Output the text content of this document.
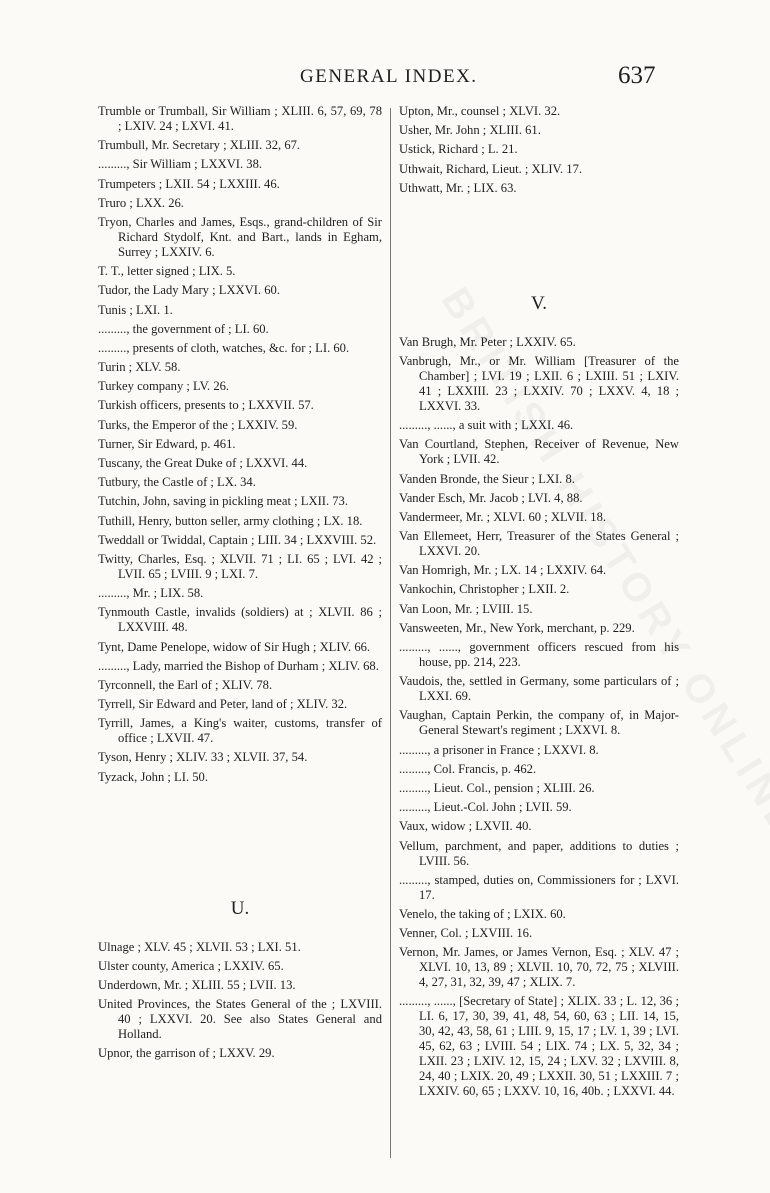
GENERAL INDEX.	637
Trumble or Trumball, Sir William ; XLIII. 6, 57, 69, 78 ; LXIV. 24 ; LXVI. 41.
Trumbull, Mr. Secretary ; XLIII. 32, 67.
........., Sir William ; LXXVI. 38.
Trumpeters ; LXII. 54 ; LXXIII. 46.
Truro ; LXX. 26.
Tryon, Charles and James, Esqs., grand-children of Sir Richard Stydolf, Knt. and Bart., lands in Egham, Surrey ; LXXIV. 6.
T. T., letter signed ; LIX. 5.
Tudor, the Lady Mary ; LXXVI. 60.
Tunis ; LXI. 1.
........., the government of ; LI. 60.
........., presents of cloth, watches, &c. for ; LI. 60.
Turin ; XLV. 58.
Turkey company ; LV. 26.
Turkish officers, presents to ; LXXVII. 57.
Turks, the Emperor of the ; LXXIV. 59.
Turner, Sir Edward, p. 461.
Tuscany, the Great Duke of ; LXXVI. 44.
Tutbury, the Castle of ; LX. 34.
Tutchin, John, saving in pickling meat ; LXII. 73.
Tuthill, Henry, button seller, army clothing ; LX. 18.
Tweddall or Twiddal, Captain ; LIII. 34 ; LXXVIII. 52.
Twitty, Charles, Esq. ; XLVII. 71 ; LI. 65 ; LVI. 42 ; LVII. 65 ; LVIII. 9 ; LXI. 7.
........., Mr. ; LIX. 58.
Tynmouth Castle, invalids (soldiers) at ; XLVII. 86 ; LXXVIII. 48.
Tynt, Dame Penelope, widow of Sir Hugh ; XLIV. 66.
........., Lady, married the Bishop of Durham ; XLIV. 68.
Tyrconnell, the Earl of ; XLIV. 78.
Tyrrell, Sir Edward and Peter, land of ; XLIV. 32.
Tyrrill, James, a King's waiter, customs, transfer of office ; LXVII. 47.
Tyson, Henry ; XLIV. 33 ; XLVII. 37, 54.
Tyzack, John ; LI. 50.
U.
Ulnage ; XLV. 45 ; XLVII. 53 ; LXI. 51.
Ulster county, America ; LXXIV. 65.
Underdown, Mr. ; XLIII. 55 ; LVII. 13.
United Provinces, the States General of the ; LXVIII. 40 ; LXXVI. 20. See also States General and Holland.
Upnor, the garrison of ; LXXV. 29.
Upton, Mr., counsel ; XLVI. 32.
Usher, Mr. John ; XLIII. 61.
Ustick, Richard ; L. 21.
Uthwait, Richard, Lieut. ; XLIV. 17.
Uthwatt, Mr. ; LIX. 63.
V.
Van Brugh, Mr. Peter ; LXXIV. 65.
Vanbrugh, Mr., or Mr. William [Treasurer of the Chamber] ; LVI. 19 ; LXII. 6 ; LXIII. 51 ; LXIV. 41 ; LXXIII. 23 ; LXXIV. 70 ; LXXV. 4, 18 ; LXXVI. 33.
........., ......, a suit with ; LXXI. 46.
Van Courtland, Stephen, Receiver of Revenue, New York ; LVII. 42.
Vanden Bronde, the Sieur ; LXI. 8.
Vander Esch, Mr. Jacob ; LVI. 4, 88.
Vandermeer, Mr. ; XLVI. 60 ; XLVII. 18.
Van Ellemeet, Herr, Treasurer of the States General ; LXXVI. 20.
Van Homrigh, Mr. ; LX. 14 ; LXXIV. 64.
Vankochin, Christopher ; LXII. 2.
Van Loon, Mr. ; LVIII. 15.
Vansweeten, Mr., New York, merchant, p. 229.
........., ......, government officers rescued from his house, pp. 214, 223.
Vaudois, the, settled in Germany, some particulars of ; LXXI. 69.
Vaughan, Captain Perkin, the company of, in Major-General Stewart's regiment ; LXXVI. 8.
........., a prisoner in France ; LXXVI. 8.
........., Col. Francis, p. 462.
........., Lieut. Col., pension ; XLIII. 26.
........., Lieut.-Col. John ; LVII. 59.
Vaux, widow ; LXVII. 40.
Vellum, parchment, and paper, additions to duties ; LVIII. 56.
........., stamped, duties on, Commissioners for ; LXVI. 17.
Venelo, the taking of ; LXIX. 60.
Venner, Col. ; LXVIII. 16.
Vernon, Mr. James, or James Vernon, Esq. ; XLV. 47 ; XLVI. 10, 13, 89 ; XLVII. 10, 70, 72, 75 ; XLVIII. 4, 27, 31, 32, 39, 47 ; XLIX. 7.
........., ......, [Secretary of State] ; XLIX. 33 ; L. 12, 36 ; LI. 6, 17, 30, 39, 41, 48, 54, 60, 63 ; LII. 14, 15, 30, 42, 43, 58, 61 ; LIII. 9, 15, 17 ; LV. 1, 39 ; LVI. 45, 62, 63 ; LVIII. 54 ; LIX. 74 ; LX. 5, 32, 34 ; LXII. 23 ; LXIV. 12, 15, 24 ; LXV. 32 ; LXVIII. 8, 24, 40 ; LXIX. 20, 49 ; LXXII. 30, 51 ; LXXIII. 7 ; LXXIV. 60, 65 ; LXXV. 10, 16, 40b. ; LXXVI. 44.
